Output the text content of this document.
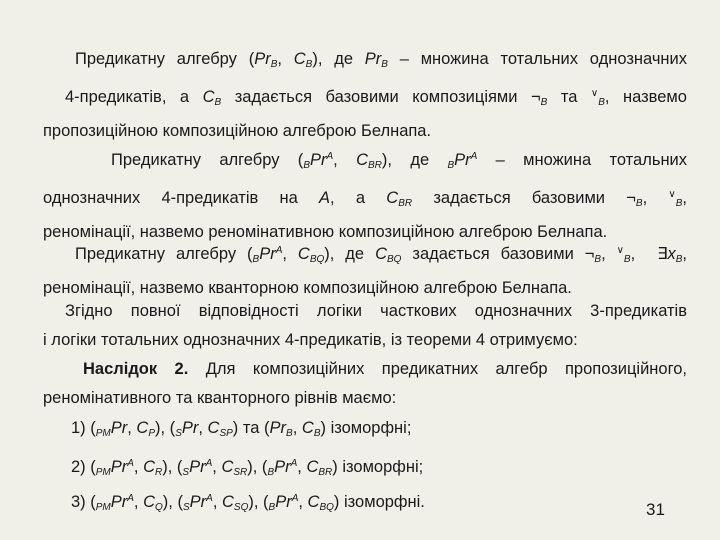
Предикатну алгебру (PrB, CB), де PrB – множина тотальних однозначних
4-предикатів, а CB задається базовими композиціями ¬B та ∨B, назвемо
пропозиційною композиційною алгеброю Белнапа.
Предикатну алгебру (BPr$^A$, CBR), де BPr$^A$ – множина тотальних
однозначних 4-предикатів на A, а CBR задається базовими ¬B, ∨B,
реномінації, назвемо реномінативною композиційною алгеброю Белнапа.
Предикатну алгебру (BPr$^A$, CBQ), де CBQ задається базовими ¬B, ∨B,  ∃xB,
реномінації, назвемо кванторною композиційною алгеброю Белнапа.
Згідно повної відповідності логіки часткових однозначних 3-предикатів
і логіки тотальних однозначних 4-предикатів, із теореми 4 отримуємо:
Наслідок 2. Для композиційних предикатних алгебр пропозиційного,
реномінативного та кванторного рівнів маємо:
1) (PMPr, CP), (SPr, CSP) та (PrB, CB) ізоморфні;
2) (PMPr$^A$, CR), (SPr$^A$, CSR), (BPr$^A$, CBR) ізоморфні;
3) (PMPr$^A$, CQ), (SPr$^A$, CSQ), (BPr$^A$, CBQ) ізоморфні.	31
